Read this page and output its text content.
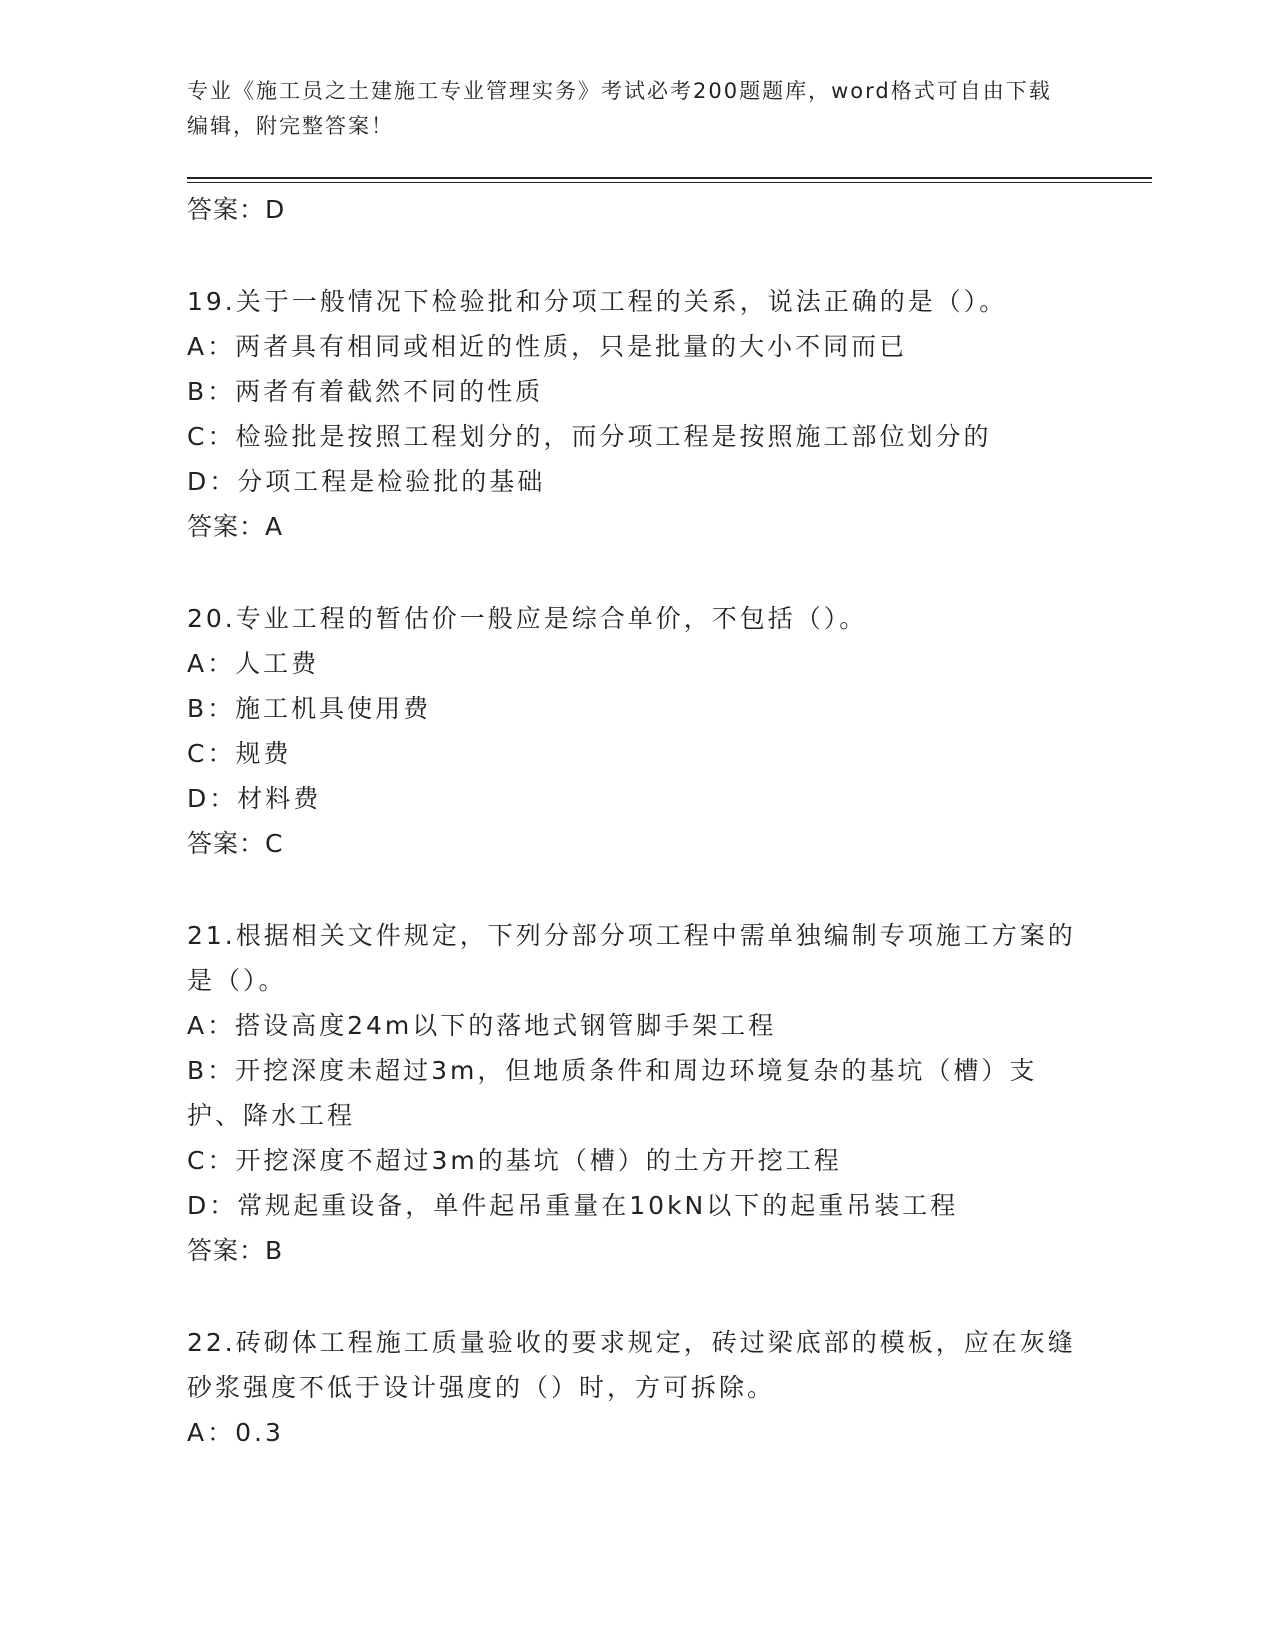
专业《施工员之土建施工专业管理实务》考试必考200题题库，word格式可自由下载编辑，附完整答案！
答案：D
19.关于一般情况下检验批和分项工程的关系，说法正确的是（）。
A：两者具有相同或相近的性质，只是批量的大小不同而已
B：两者有着截然不同的性质
C：检验批是按照工程划分的，而分项工程是按照施工部位划分的
D：分项工程是检验批的基础
答案：A
20.专业工程的暂估价一般应是综合单价，不包括（）。
A：人工费
B：施工机具使用费
C：规费
D：材料费
答案：C
21.根据相关文件规定，下列分部分项工程中需单独编制专项施工方案的是（）。
A：搭设高度24m以下的落地式钢管脚手架工程
B：开挖深度未超过3m，但地质条件和周边环境复杂的基坑（槽）支护、降水工程
C：开挖深度不超过3m的基坑（槽）的土方开挖工程
D：常规起重设备，单件起吊重量在10kN以下的起重吊装工程
答案：B
22.砖砌体工程施工质量验收的要求规定，砖过梁底部的模板，应在灰缝砂浆强度不低于设计强度的（）时，方可拆除。
A：0.3
